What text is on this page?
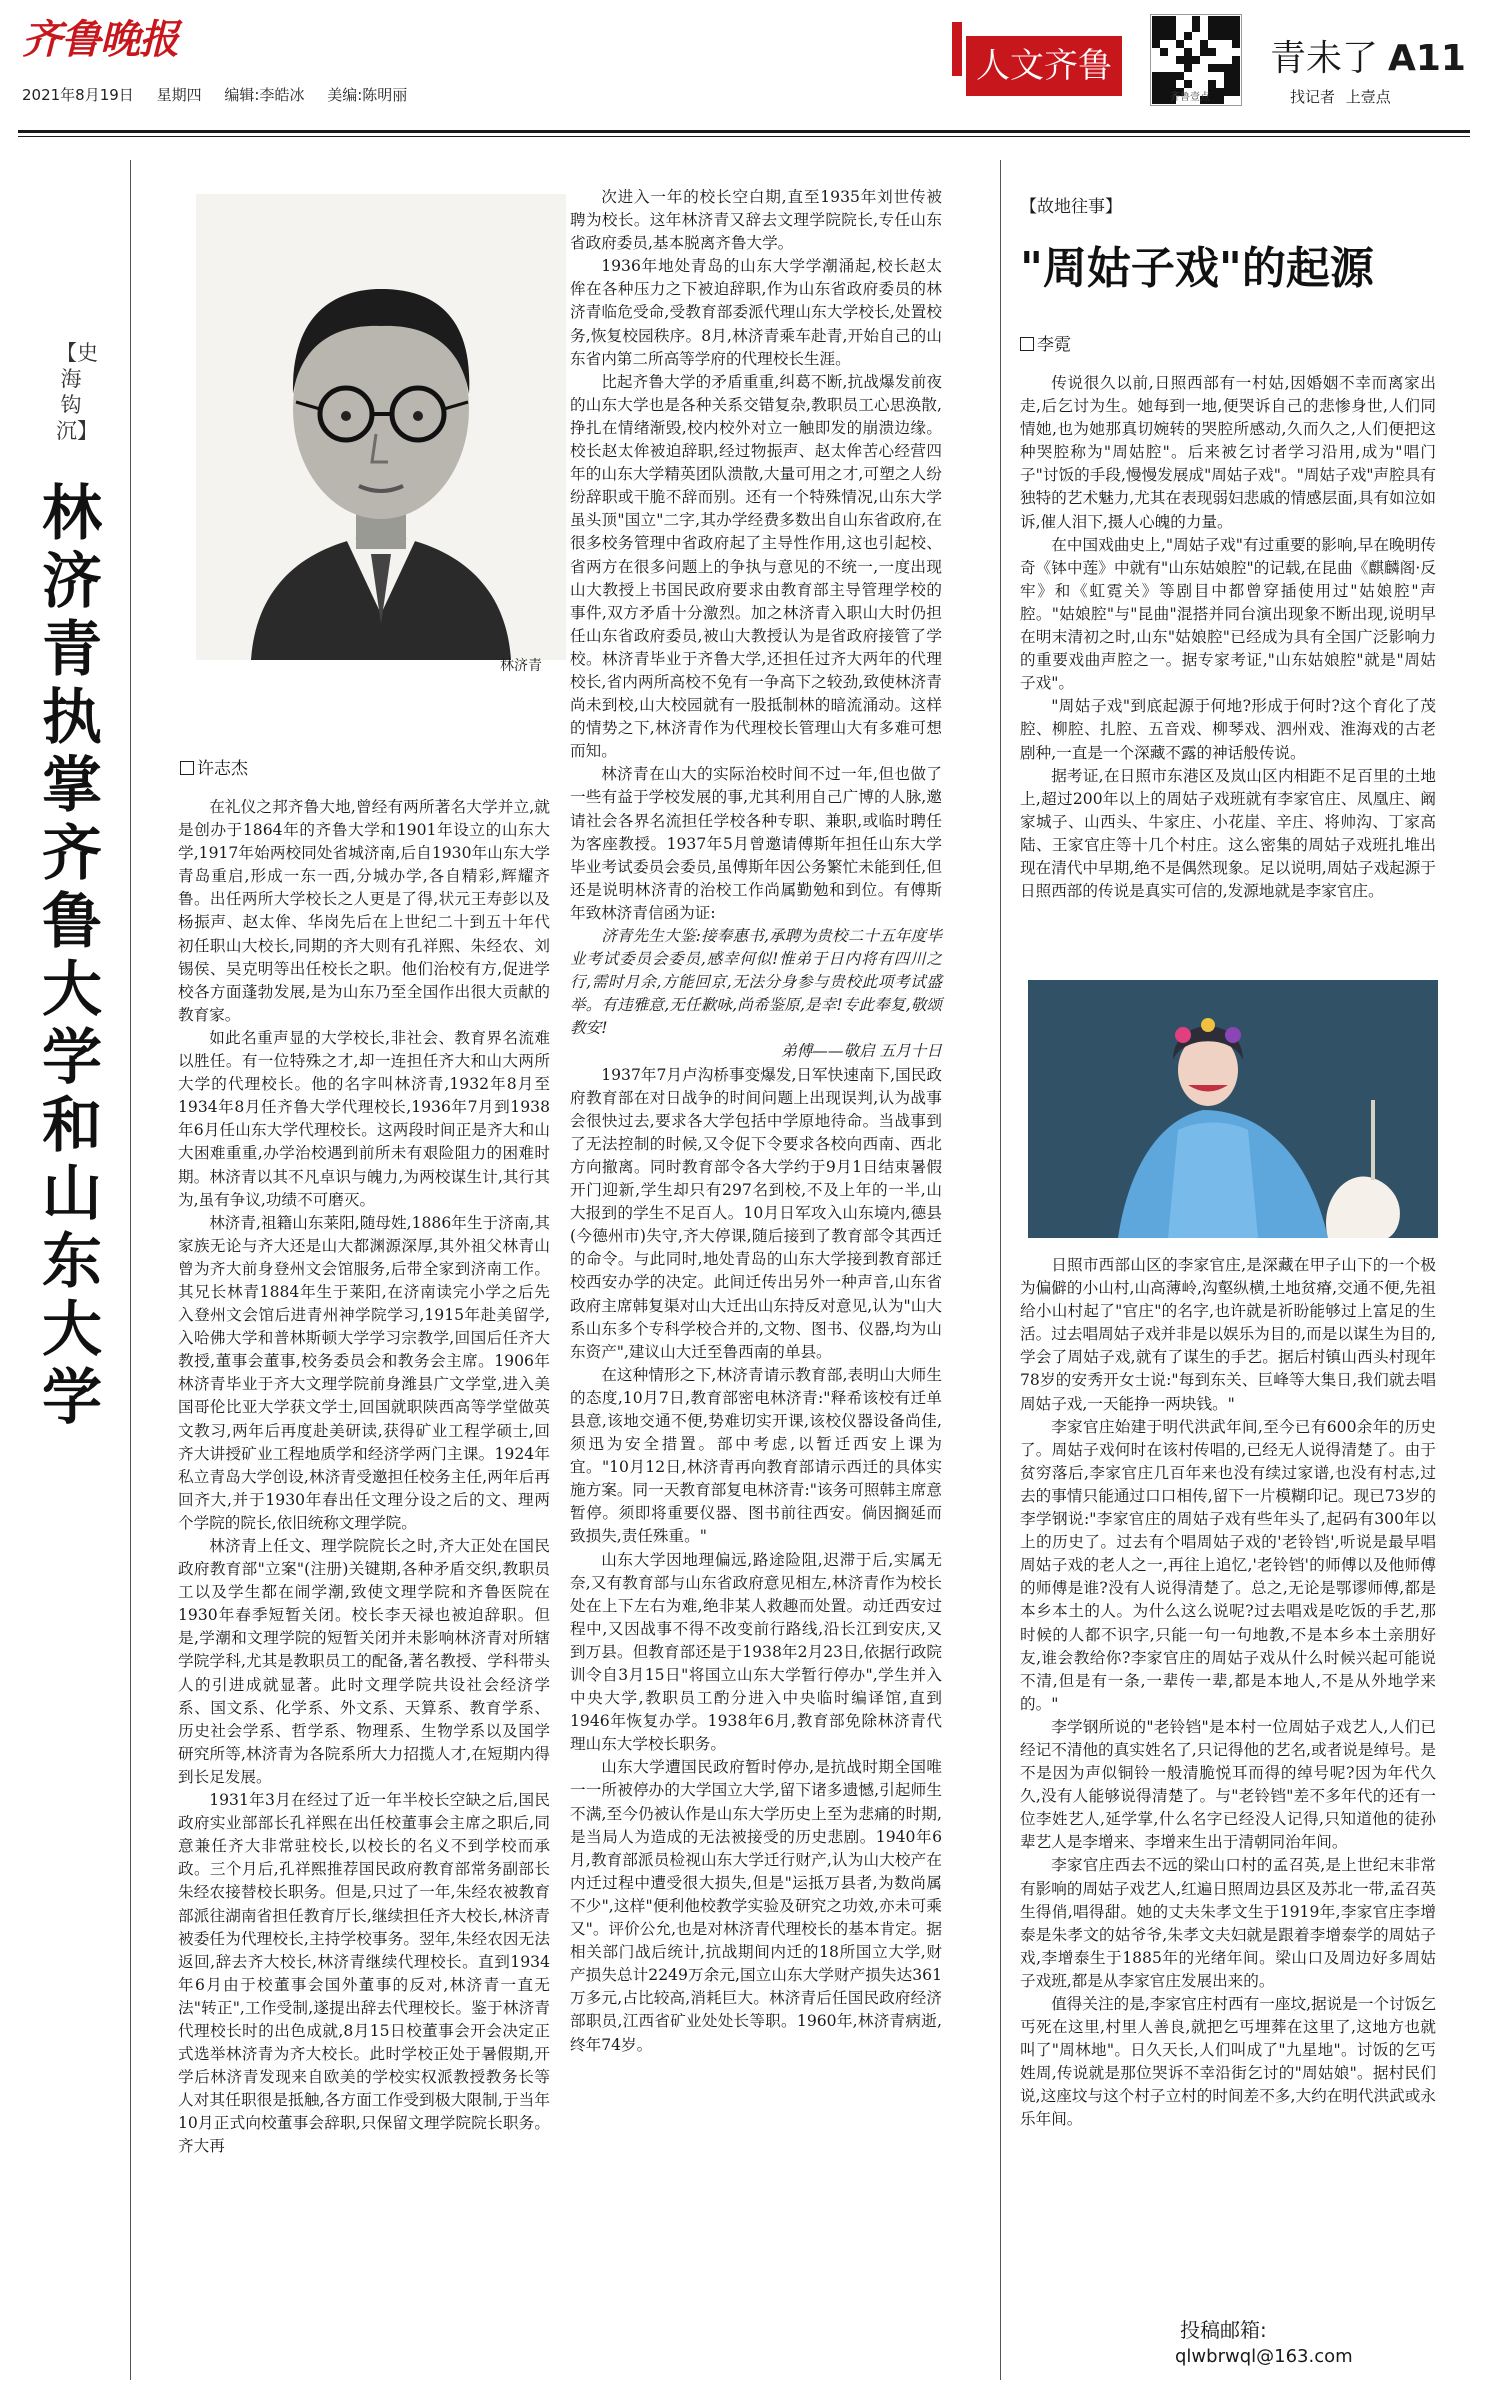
齐鲁晚报
2021年8月19日 星期四 编辑:李皓冰 美编:陈明丽
人文齐鲁
齐鲁壹点
青未了 A11
找记者 上壹点
【史海钩沉】
林济青执掌齐鲁大学和山东大学
林济青
许志杰

在礼仪之邦齐鲁大地,曾经有两所著名大学并立,就是创办于1864年的齐鲁大学和1901年设立的山东大学,1917年始两校同处省城济南,后自1930年山东大学青岛重启,形成一东一西,分城办学,各自精彩,辉耀齐鲁。出任两所大学校长之人更是了得,状元王寿彭以及杨振声、赵太侔、华岗先后在上世纪二十到五十年代初任职山大校长,同期的齐大则有孔祥熙、朱经农、刘锡侯、吴克明等出任校长之职。他们治校有方,促进学校各方面蓬勃发展,是为山东乃至全国作出很大贡献的教育家。

如此名重声显的大学校长,非社会、教育界名流难以胜任。有一位特殊之才,却一连担任齐大和山大两所大学的代理校长。他的名字叫林济青,1932年8月至1934年8月任齐鲁大学代理校长,1936年7月到1938年6月任山东大学代理校长。这两段时间正是齐大和山大困难重重,办学治校遇到前所未有艰险阻力的困难时期。林济青以其不凡卓识与魄力,为两校谋生计,其行其为,虽有争议,功绩不可磨灭。

林济青,祖籍山东莱阳,随母姓,1886年生于济南,其家族无论与齐大还是山大都渊源深厚,其外祖父林青山曾为齐大前身登州文会馆服务,后带全家到济南工作。其兄长林青1884年生于莱阳,在济南读完小学之后先入登州文会馆后进青州神学院学习,1915年赴美留学,入哈佛大学和普林斯顿大学学习宗教学,回国后任齐大教授,董事会董事,校务委员会和教务会主席。1906年林济青毕业于齐大文理学院前身潍县广文学堂,进入美国哥伦比亚大学获文学士,回国就职陕西高等学堂做英文教习,两年后再度赴美研读,获得矿业工程学硕士,回齐大讲授矿业工程地质学和经济学两门主课。1924年私立青岛大学创设,林济青受邀担任校务主任,两年后再回齐大,并于1930年春出任文理分设之后的文、理两个学院的院长,依旧统称文理学院。

林济青上任文、理学院院长之时,齐大正处在国民政府教育部"立案"(注册)关键期,各种矛盾交织,教职员工以及学生都在闹学潮,致使文理学院和齐鲁医院在1930年春季短暂关闭。校长李天禄也被迫辞职。但是,学潮和文理学院的短暂关闭并未影响林济青对所辖学院学科,尤其是教职员工的配备,著名教授、学科带头人的引进成就显著。此时文理学院共设社会经济学系、国文系、化学系、外文系、天算系、教育学系、历史社会学系、哲学系、物理系、生物学系以及国学研究所等,林济青为各院系所大力招揽人才,在短期内得到长足发展。

1931年3月在经过了近一年半校长空缺之后,国民政府实业部部长孔祥熙在出任校董事会主席之职后,同意兼任齐大非常驻校长,以校长的名义不到学校而承政。三个月后,孔祥熙推荐国民政府教育部常务副部长朱经农接替校长职务。但是,只过了一年,朱经农被教育部派往湖南省担任教育厅长,继续担任齐大校长,林济青被委任为代理校长,主持学校事务。翌年,朱经农因无法返回,辞去齐大校长,林济青继续代理校长。直到1934年6月由于校董事会国外董事的反对,林济青一直无法"转正",工作受制,遂提出辞去代理校长。鉴于林济青代理校长时的出色成就,8月15日校董事会开会决定正式选举林济青为齐大校长。此时学校正处于暑假期,开学后林济青发现来自欧美的学校实权派教授教务长等人对其任职很是抵触,各方面工作受到极大限制,于当年10月正式向校董事会辞职,只保留文理学院院长职务。齐大再

次进入一年的校长空白期,直至1935年刘世传被聘为校长。这年林济青又辞去文理学院院长,专任山东省政府委员,基本脱离齐鲁大学。

1936年地处青岛的山东大学学潮涌起,校长赵太侔在各种压力之下被迫辞职,作为山东省政府委员的林济青临危受命,受教育部委派代理山东大学校长,处置校务,恢复校园秩序。8月,林济青乘车赴青,开始自己的山东省内第二所高等学府的代理校长生涯。

比起齐鲁大学的矛盾重重,纠葛不断,抗战爆发前夜的山东大学也是各种关系交错复杂,教职员工心思涣散,挣扎在情绪渐毁,校内校外对立一触即发的崩溃边缘。校长赵太侔被迫辞职,经过物振声、赵太侔苦心经营四年的山东大学精英团队溃散,大量可用之才,可塑之人纷纷辞职或干脆不辞而别。还有一个特殊情况,山东大学虽头顶"国立"二字,其办学经费多数出自山东省政府,在很多校务管理中省政府起了主导性作用,这也引起校、省两方在很多问题上的争执与意见的不统一,一度出现山大教授上书国民政府要求由教育部主导管理学校的事件,双方矛盾十分激烈。加之林济青入职山大时仍担任山东省政府委员,被山大教授认为是省政府接管了学校。林济青毕业于齐鲁大学,还担任过齐大两年的代理校长,省内两所高校不免有一争高下之较劲,致使林济青尚未到校,山大校园就有一股抵制林的暗流涌动。这样的情势之下,林济青作为代理校长管理山大有多难可想而知。

林济青在山大的实际治校时间不过一年,但也做了一些有益于学校发展的事,尤其利用自己广博的人脉,邀请社会各界名流担任学校各种专职、兼职,或临时聘任为客座教授。1937年5月曾邀请傅斯年担任山东大学毕业考试委员会委员,虽傅斯年因公务繁忙未能到任,但还是说明林济青的治校工作尚属勤勉和到位。有傅斯年致林济青信函为证:

济青先生大鉴:接奉惠书,承聘为贵校二十五年度毕业考试委员会委员,感幸何似!惟弟于日内将有四川之行,需时月余,方能回京,无法分身参与贵校此项考试盛举。有违雅意,无任歉咏,尚希鉴原,是幸!专此奉复,敬颂教安!

弟傅——敬启 五月十日

1937年7月卢沟桥事变爆发,日军快速南下,国民政府教育部在对日战争的时间问题上出现误判,认为战事会很快过去,要求各大学包括中学原地待命。当战事到了无法控制的时候,又令促下令要求各校向西南、西北方向撤离。同时教育部令各大学约于9月1日结束暑假开门迎新,学生却只有297名到校,不及上年的一半,山大报到的学生不足百人。10月日军攻入山东境内,德县(今德州市)失守,齐大停课,随后接到了教育部令其西迁的命令。与此同时,地处青岛的山东大学接到教育部迁校西安办学的决定。此间迁传出另外一种声音,山东省政府主席韩复渠对山大迁出山东持反对意见,认为"山大系山东多个专科学校合并的,文物、图书、仪器,均为山东资产",建议山大迁至鲁西南的单县。

在这种情形之下,林济青请示教育部,表明山大师生的态度,10月7日,教育部密电林济青:"释希该校有迁单县意,该地交通不便,势难切实开课,该校仪器设备尚佳,须迅为安全措置。部中考虑,以暂迁西安上课为宜。"10月12日,林济青再向教育部请示西迁的具体实施方案。同一天教育部复电林济青:"该务可照韩主席意暂停。须即将重要仪器、图书前往西安。倘因搁延而致损失,责任殊重。"

山东大学因地理偏远,路途险阻,迟滞于后,实属无奈,又有教育部与山东省政府意见相左,林济青作为校长处在上下左右为难,绝非某人救趣而处置。动迁西安过程中,又因战事不得不改变前行路线,沿长江到安庆,又到万县。但教育部还是于1938年2月23日,依据行政院训令自3月15日"将国立山东大学暂行停办",学生并入中央大学,教职员工酌分进入中央临时编译馆,直到1946年恢复办学。1938年6月,教育部免除林济青代理山东大学校长职务。

山东大学遭国民政府暂时停办,是抗战时期全国唯一一所被停办的大学国立大学,留下诸多遗憾,引起师生不满,至今仍被认作是山东大学历史上至为悲痛的时期,是当局人为造成的无法被接受的历史悲剧。1940年6月,教育部派员检视山东大学迁行财产,认为山大校产在内迁过程中遭受很大损失,但是"运抵万县者,为数尚属不少",这样"便利他校教学实验及研究之功效,亦未可乘又"。评价公允,也是对林济青代理校长的基本肯定。据相关部门战后统计,抗战期间内迁的18所国立大学,财产损失总计2249万余元,国立山东大学财产损失达361万多元,占比较高,消耗巨大。林济青后任国民政府经济部职员,江西省矿业处处长等职。1960年,林济青病逝,终年74岁。

【故地往事】
"周姑子戏"的起源
李霓

传说很久以前,日照西部有一村姑,因婚姻不幸而离家出走,后乞讨为生。她每到一地,便哭诉自己的悲惨身世,人们同情她,也为她那真切婉转的哭腔所感动,久而久之,人们便把这种哭腔称为"周姑腔"。后来被乞讨者学习沿用,成为"唱门子"讨饭的手段,慢慢发展成"周姑子戏"。"周姑子戏"声腔具有独特的艺术魅力,尤其在表现弱妇悲戚的情感层面,具有如泣如诉,催人泪下,摄人心魄的力量。

在中国戏曲史上,"周姑子戏"有过重要的影响,早在晚明传奇《钵中莲》中就有"山东姑娘腔"的记载,在昆曲《麒麟阁·反牢》和《虹霓关》等剧目中都曾穿插使用过"姑娘腔"声腔。"姑娘腔"与"昆曲"混搭并同台演出现象不断出现,说明早在明末清初之时,山东"姑娘腔"已经成为具有全国广泛影响力的重要戏曲声腔之一。据专家考证,"山东姑娘腔"就是"周姑子戏"。

"周姑子戏"到底起源于何地?形成于何时?这个育化了茂腔、柳腔、扎腔、五音戏、柳琴戏、泗州戏、淮海戏的古老剧种,一直是一个深藏不露的神话般传说。

据考证,在日照市东港区及岚山区内相距不足百里的土地上,超过200年以上的周姑子戏班就有李家官庄、凤凰庄、阚家城子、山西头、牛家庄、小花崖、辛庄、将帅沟、丁家高陆、王家官庄等十几个村庄。这么密集的周姑子戏班扎堆出现在清代中早期,绝不是偶然现象。足以说明,周姑子戏起源于日照西部的传说是真实可信的,发源地就是李家官庄。

日照市西部山区的李家官庄,是深藏在甲子山下的一个极为偏僻的小山村,山高薄岭,沟壑纵横,土地贫瘠,交通不便,先祖给小山村起了"官庄"的名字,也许就是祈盼能够过上富足的生活。过去唱周姑子戏并非是以娱乐为目的,而是以谋生为目的,学会了周姑子戏,就有了谋生的手艺。据后村镇山西头村现年78岁的安秀开女士说:"每到东关、巨峰等大集日,我们就去唱周姑子戏,一天能挣一两块钱。"

李家官庄始建于明代洪武年间,至今已有600余年的历史了。周姑子戏何时在该村传唱的,已经无人说得清楚了。由于贫穷落后,李家官庄几百年来也没有续过家谱,也没有村志,过去的事情只能通过口口相传,留下一片模糊印记。现已73岁的李学钢说:"李家官庄的周姑子戏有些年头了,起码有300年以上的历史了。过去有个唱周姑子戏的'老铃铛',听说是最早唱周姑子戏的老人之一,再往上追忆,'老铃铛'的师傅以及他师傅的师傅是谁?没有人说得清楚了。总之,无论是鄂谬师傅,都是本乡本土的人。为什么这么说呢?过去唱戏是吃饭的手艺,那时候的人都不识字,只能一句一句地教,不是本乡本土亲朋好友,谁会教给你?李家官庄的周姑子戏从什么时候兴起可能说不清,但是有一条,一辈传一辈,都是本地人,不是从外地学来的。"

李学钢所说的"老铃铛"是本村一位周姑子戏艺人,人们已经记不清他的真实姓名了,只记得他的艺名,或者说是绰号。是不是因为声似铜铃一般清脆悦耳而得的绰号呢?因为年代久久,没有人能够说得清楚了。与"老铃铛"差不多年代的还有一位李姓艺人,延学掌,什么名字已经没人记得,只知道他的徒孙辈艺人是李增来、李增来生出于清朝同治年间。

李家官庄西去不远的梁山口村的孟召英,是上世纪末非常有影响的周姑子戏艺人,红遍日照周边县区及苏北一带,孟召英生得俏,唱得甜。她的丈夫朱孝文生于1919年,李家官庄李增泰是朱孝文的姑爷爷,朱孝文夫妇就是跟着李增泰学的周姑子戏,李增泰生于1885年的光绪年间。梁山口及周边好多周姑子戏班,都是从李家官庄发展出来的。

值得关注的是,李家官庄村西有一座坟,据说是一个讨饭乞丐死在这里,村里人善良,就把乞丐埋葬在这里了,这地方也就叫了"周林地"。日久天长,人们叫成了"九星地"。讨饭的乞丐姓周,传说就是那位哭诉不幸沿街乞讨的"周姑娘"。据村民们说,这座坟与这个村子立村的时间差不多,大约在明代洪武或永乐年间。

投稿邮箱:
qlwbrwql@163.com
